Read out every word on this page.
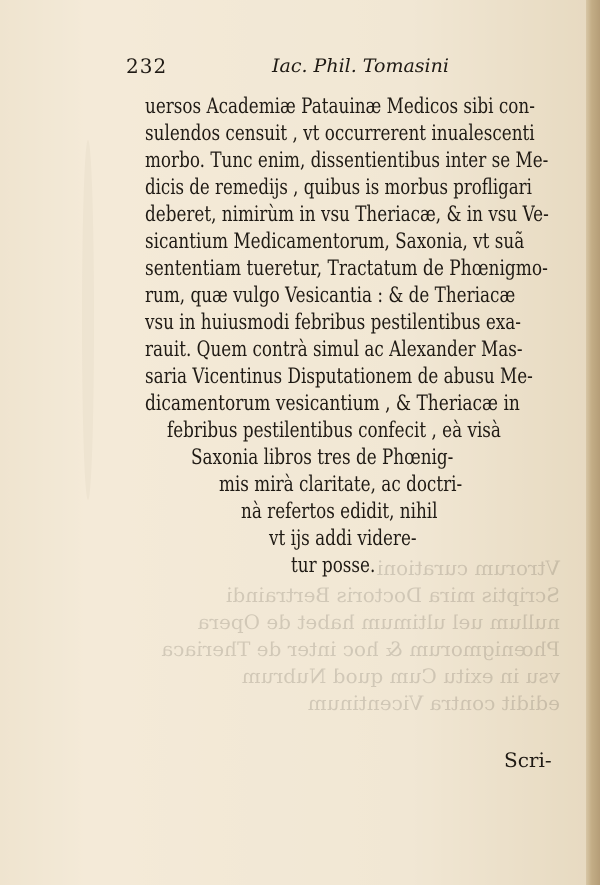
232	Iac. Phil. Tomasini
uersos Academiæ Patauinæ Medicos sibi con-
sulendos censuit , vt occurrerent inualescenti
morbo. Tunc enim, dissentientibus inter se Me-
dicis de remedijs , quibus is morbus profligari
deberet, nimirùm in vsu Theriacæ, & in vsu Ve-
sicantium Medicamentorum, Saxonia, vt suã
sententiam tueretur, Tractatum de Phœnigmo-
rum, quæ vulgo Vesicantia : & de Theriacæ
vsu in huiusmodi febribus pestilentibus exa-
rauit. Quem contrà simul ac Alexander Mas-
saria Vicentinus Disputationem de abusu Me-
dicamentorum vesicantium , & Theriacæ in
febribus pestilentibus confecit , eà visà
Saxonia libros tres de Phœnig-
mis mirà claritate, ac doctri-
nà refertos edidit, nihil
vt ijs addi videre-
tur posse. Vtrorum curationi
Scriptis mira Doctoris Bertraindi
nullum uel ultimum habet de Opera
Phœnigmorum & hoc inter de Theriaca
vsu in exitu Cum quod Nubrum
edidit contra Vicentinum
Scri-
